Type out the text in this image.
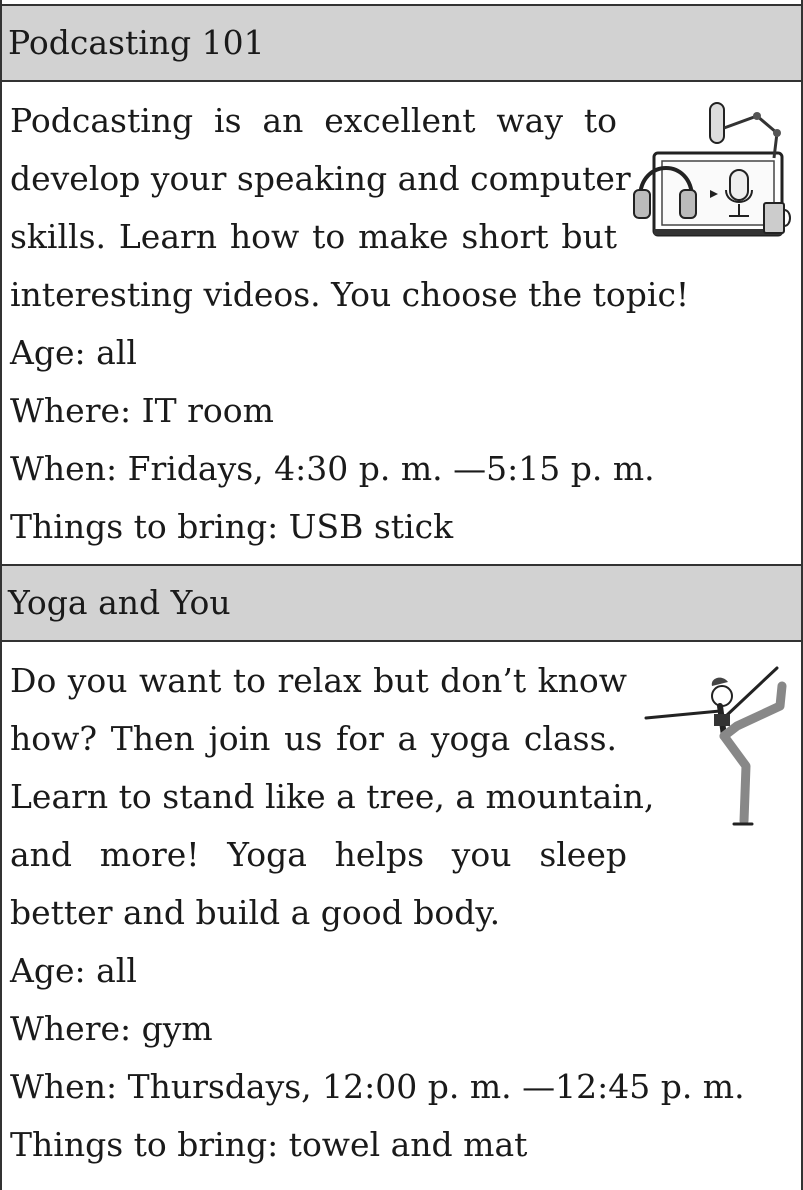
Podcasting 101
Podcasting is an excellent way to
develop your speaking and computer
skills. Learn how to make short but
interesting videos. You choose the topic!
Age: all
Where: IT room
When: Fridays, 4:30 p. m. —5:15 p. m.
Things to bring: USB stick
Yoga and You
Do you want to relax but don’t know
how? Then join us for a yoga class.
Learn to stand like a tree, a mountain,
and more! Yoga helps you sleep
better and build a good body.
Age: all
Where: gym
When: Thursdays, 12:00 p. m. —12:45 p. m.
Things to bring: towel and mat
